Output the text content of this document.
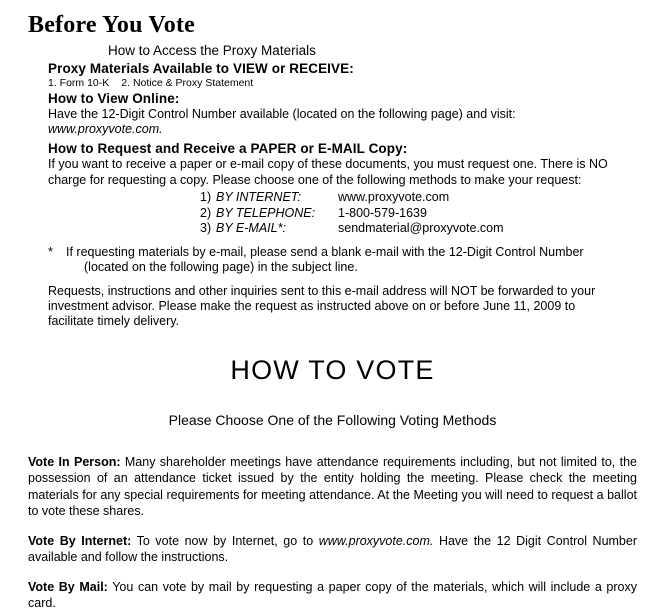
Before You Vote
How to Access the Proxy Materials
Proxy Materials Available to VIEW or RECEIVE:
1. Form 10-K 2. Notice & Proxy Statement
How to View Online:
Have the 12-Digit Control Number available (located on the following page) and visit: www.proxyvote.com.
How to Request and Receive a PAPER or E-MAIL Copy:
If you want to receive a paper or e-mail copy of these documents, you must request one. There is NO
charge for requesting a copy. Please choose one of the following methods to make your request:
1) BY INTERNET:	www.proxyvote.com
2) BY TELEPHONE: 1-800-579-1639
3) BY E-MAIL*:	sendmaterial@proxyvote.com
* If requesting materials by e-mail, please send a blank e-mail with the 12-Digit Control Number
(located on the following page) in the subject line.
Requests, instructions and other inquiries sent to this e-mail address will NOT be forwarded to your
investment advisor. Please make the request as instructed above on or before June 11, 2009 to
facilitate timely delivery.
HOW TO VOTE
Please Choose One of the Following Voting Methods

Vote In Person: Many shareholder meetings have attendance requirements including, but not limited to, the possession of an attendance ticket issued by the entity holding the meeting. Please check the meeting materials for any special requirements for meeting attendance. At the Meeting you will need to request a ballot to vote these shares.

Vote By Internet: To vote now by Internet, go to www.proxyvote.com. Have the 12 Digit Control Number available and follow the instructions.

Vote By Mail: You can vote by mail by requesting a paper copy of the materials, which will include a proxy card.
